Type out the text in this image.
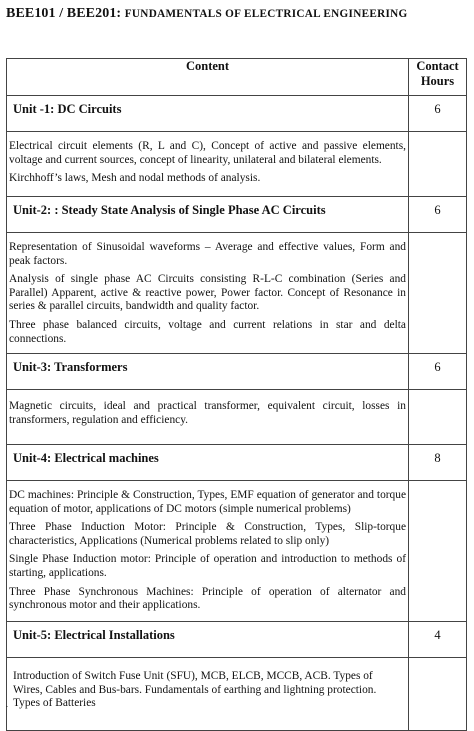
BEE101 / BEE201: FUNDAMENTALS OF ELECTRICAL ENGINEERING
Content	Contact Hours
Unit -1: DC Circuits	6

Electrical circuit elements (R, L and C), Concept of active and passive elements, voltage and current sources, concept of linearity, unilateral and bilateral elements.

Kirchhoff’s laws, Mesh and nodal methods of analysis.	

Unit-2: : Steady State Analysis of Single Phase AC Circuits	6

Representation of Sinusoidal waveforms – Average and effective values, Form and peak factors.

Analysis of single phase AC Circuits consisting R-L-C combination (Series and Parallel) Apparent, active & reactive power, Power factor. Concept of Resonance in series & parallel circuits, bandwidth and quality factor.

Three phase balanced circuits, voltage and current relations in star and delta connections.	

Unit-3: Transformers	6

Magnetic circuits, ideal and practical transformer, equivalent circuit, losses in transformers, regulation and efficiency.	

Unit-4: Electrical machines	8

DC machines: Principle & Construction, Types, EMF equation of generator and torque equation of motor, applications of DC motors (simple numerical problems)

Three Phase Induction Motor: Principle & Construction, Types, Slip-torque characteristics, Applications (Numerical problems related to slip only)

Single Phase Induction motor: Principle of operation and introduction to methods of starting, applications.

Three Phase Synchronous Machines: Principle of operation of alternator and synchronous motor and their applications.	

Unit-5: Electrical Installations	4

Introduction of Switch Fuse Unit (SFU), MCB, ELCB, MCCB, ACB. Types of Wires, Cables and Bus-bars. Fundamentals of earthing and lightning protection. Types of Batteries	

.
